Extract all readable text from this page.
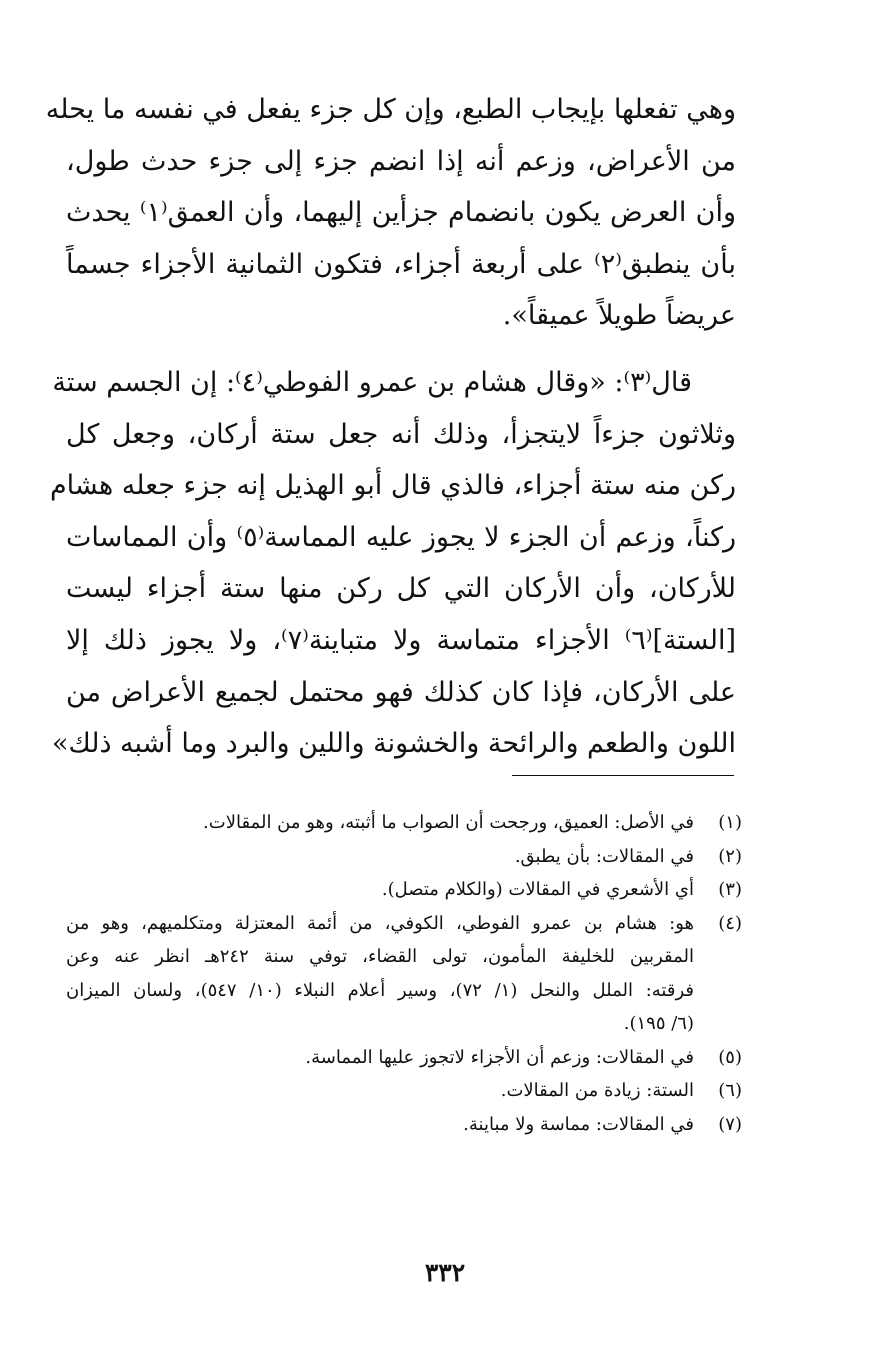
وهي تفعلها بإيجاب الطبع، وإن كل جزء يفعل في نفسه ما يحله
من الأعراض، وزعم أنه إذا انضم جزء إلى جزء حدث طول،
وأن العرض يكون بانضمام جزأين إليهما، وأن العمق⁽١⁾ يحدث
بأن ينطبق⁽٢⁾ على أربعة أجزاء، فتكون الثمانية الأجزاء جسماً
عريضاً طويلاً عميقاً».

قال⁽٣⁾: «وقال هشام بن عمرو الفوطي⁽٤⁾: إن الجسم ستة
وثلاثون جزءاً لايتجزأ، وذلك أنه جعل ستة أركان، وجعل كل
ركن منه ستة أجزاء، فالذي قال أبو الهذيل إنه جزء جعله هشام
ركناً، وزعم أن الجزء لا يجوز عليه المماسة⁽٥⁾ وأن المماسات
للأركان، وأن الأركان التي كل ركن منها ستة أجزاء ليست
[الستة]⁽٦⁾ الأجزاء متماسة ولا متباينة⁽٧⁾، ولا يجوز ذلك إلا
على الأركان، فإذا كان كذلك فهو محتمل لجميع الأعراض من
اللون والطعم والرائحة والخشونة واللين والبرد وما أشبه ذلك»

(١)
في الأصل: العميق، ورجحت أن الصواب ما أثبته، وهو من المقالات.
(٢)
في المقالات: بأن يطبق.
(٣)
أي الأشعري في المقالات (والكلام متصل).
(٤)
هو: هشام بن عمرو الفوطي، الكوفي، من أئمة المعتزلة ومتكلميهم، وهو من
المقربين للخليفة المأمون، تولى القضاء، توفي سنة ٢٤٢هـ انظر عنه وعن
فرقته: الملل والنحل (١/ ٧٢)، وسير أعلام النبلاء (١٠/ ٥٤٧)، ولسان الميزان
(٦/ ١٩٥).
(٥)
في المقالات: وزعم أن الأجزاء لاتجوز عليها المماسة.
(٦)
الستة: زيادة من المقالات.
(٧)
في المقالات: مماسة ولا مباينة.
٣٣٢
